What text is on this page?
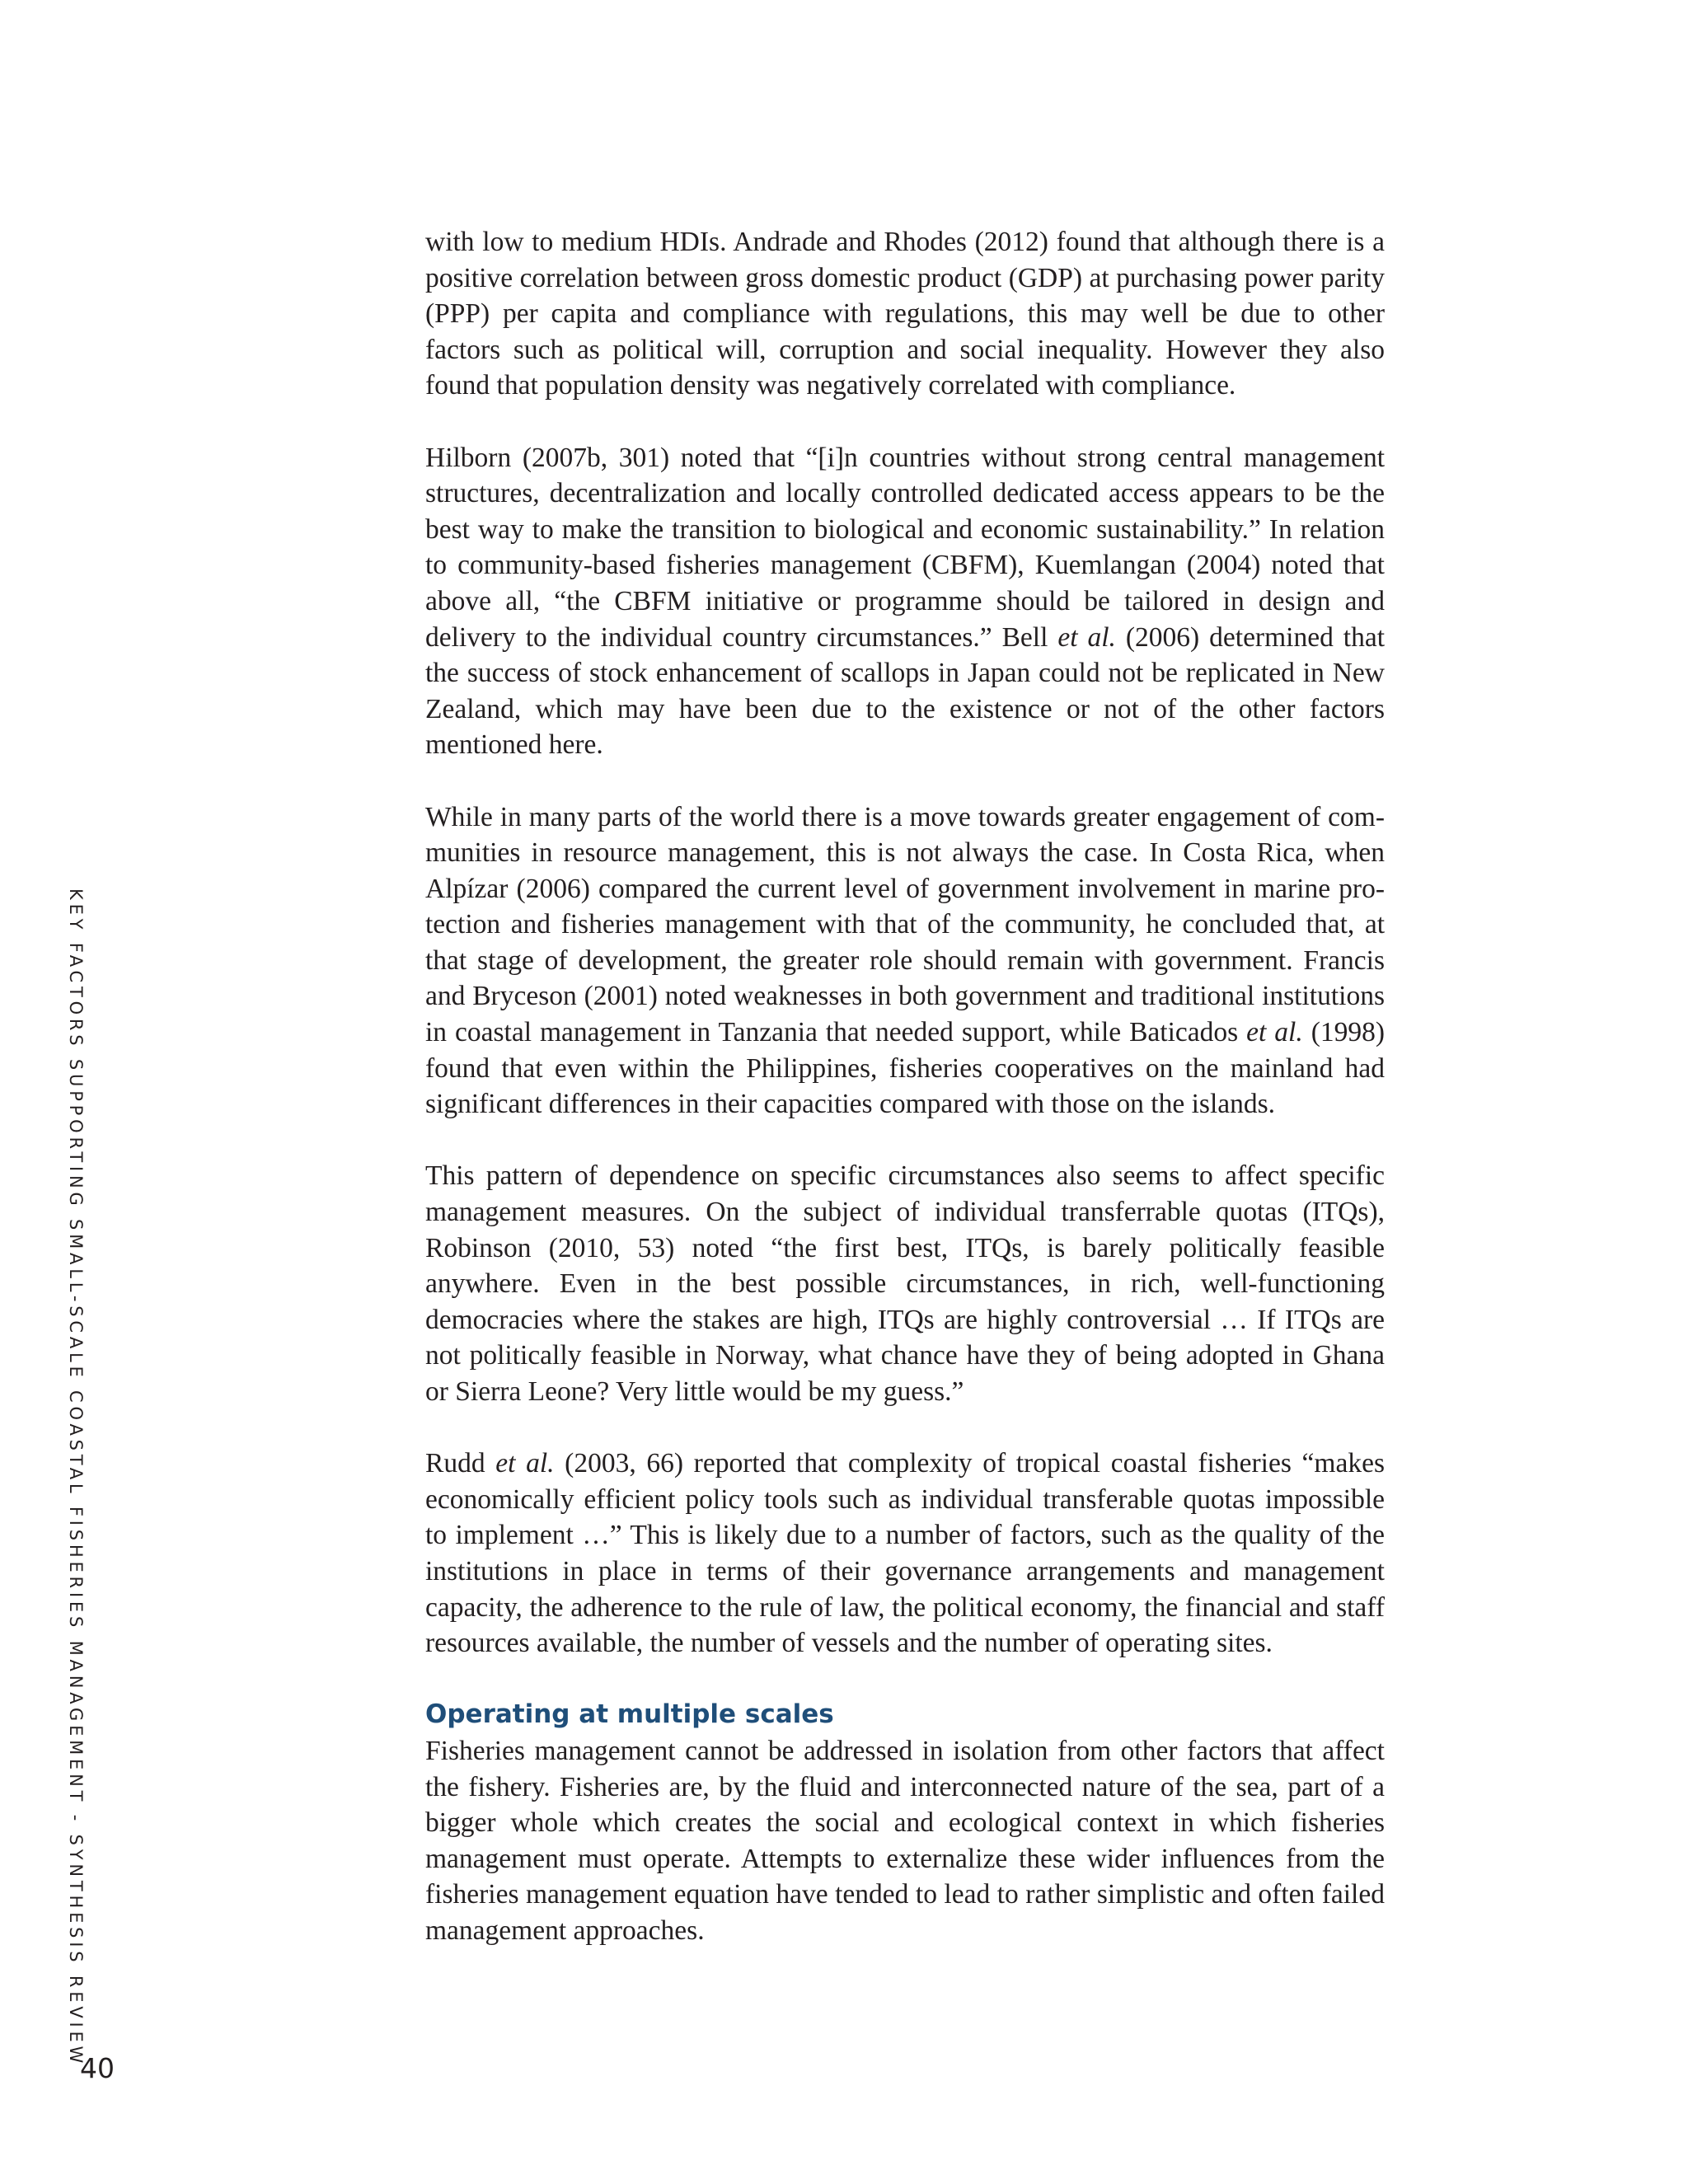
KEY FACTORS SUPPORTING SMALL-SCALE COASTAL FISHERIES MANAGEMENT - SYNTHESIS REVIEW

with low to medium HDIs. Andrade and Rhodes (2012) found that although there is a positive correlation between gross domestic product (GDP) at purchasing power parity (PPP) per capita and compliance with regulations, this may well be due to other factors such as political will, corruption and social inequality. However they also found that population density was negatively correlated with compliance.

Hilborn (2007b, 301) noted that “[i]n countries without strong central management structures, decentralization and locally controlled dedicated access appears to be the best way to make the transition to biological and economic sustainability.” In relation to community-based fisheries management (CBFM), Kuemlangan (2004) noted that above all, “the CBFM initiative or programme should be tailored in design and delivery to the individual country circumstances.” Bell et al. (2006) determined that the success of stock enhancement of scallops in Japan could not be replicated in New Zealand, which may have been due to the existence or not of the other factors mentioned here.

While in many parts of the world there is a move towards greater engagement of communities in resource management, this is not always the case. In Costa Rica, when Alpízar (2006) compared the current level of government involvement in marine protection and fisheries management with that of the community, he concluded that, at that stage of development, the greater role should remain with government. Francis and Bryceson (2001) noted weaknesses in both government and traditional institutions in coastal management in Tanzania that needed support, while Baticados et al. (1998) found that even within the Philippines, fisheries cooperatives on the mainland had significant differences in their capacities compared with those on the islands.

This pattern of dependence on specific circumstances also seems to affect specific management measures. On the subject of individual transferrable quotas (ITQs), Robinson (2010, 53) noted “the first best, ITQs, is barely politically feasible anywhere. Even in the best possible circumstances, in rich, well-functioning democracies where the stakes are high, ITQs are highly controversial … If ITQs are not politically feasible in Norway, what chance have they of being adopted in Ghana or Sierra Leone? Very little would be my guess.”

Rudd et al. (2003, 66) reported that complexity of tropical coastal fisheries “makes economically efficient policy tools such as individual transferable quotas impossible to implement …” This is likely due to a number of factors, such as the quality of the institutions in place in terms of their governance arrangements and management capacity, the adherence to the rule of law, the political economy, the financial and staff resources available, the number of vessels and the number of operating sites.

Operating at multiple scales

Fisheries management cannot be addressed in isolation from other factors that affect the fishery. Fisheries are, by the fluid and interconnected nature of the sea, part of a bigger whole which creates the social and ecological context in which fisheries management must operate. Attempts to externalize these wider influences from the fisheries management equation have tended to lead to rather simplistic and often failed management approaches.

40
